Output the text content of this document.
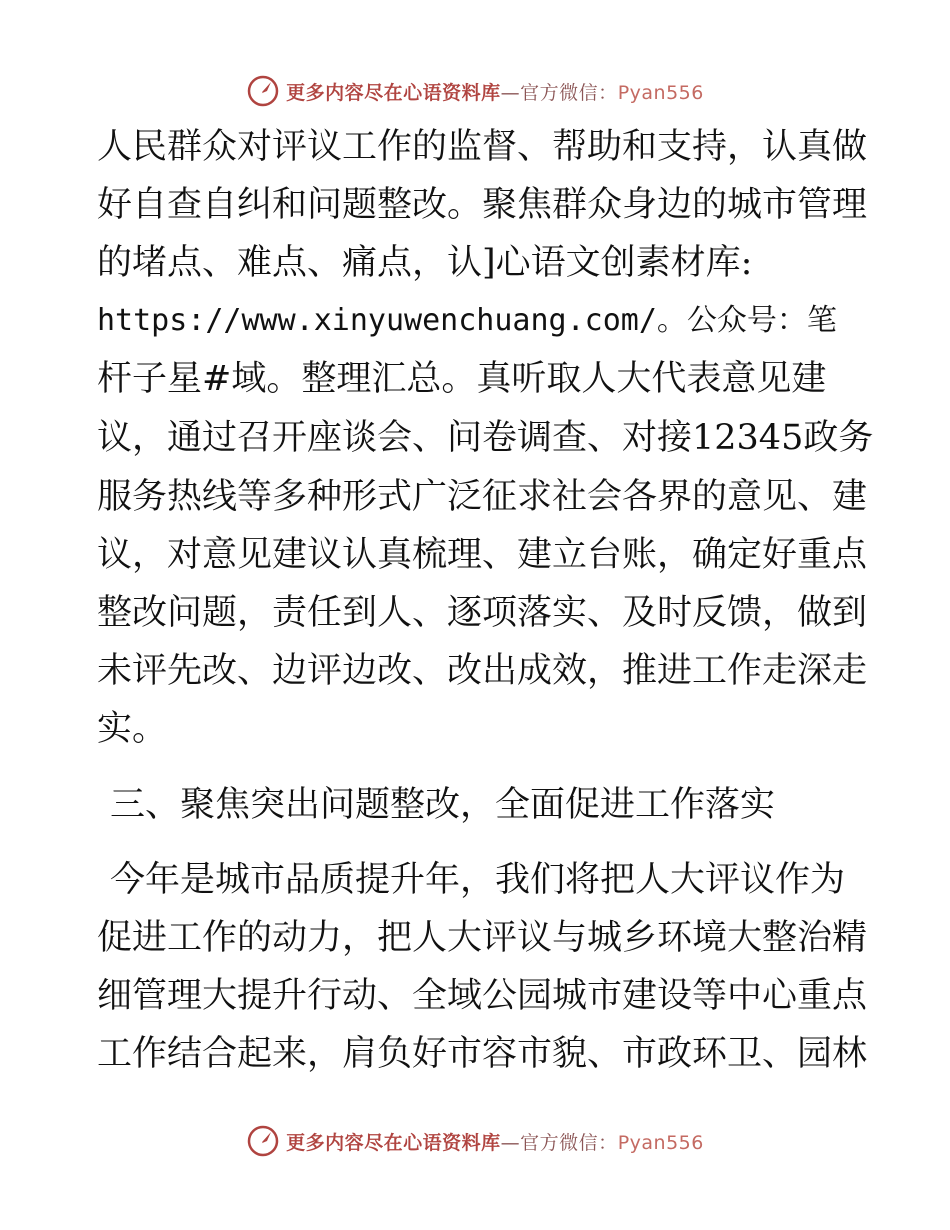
更多内容尽在心语资料库—官方微信：Pyan556
人民群众对评议工作的监督、帮助和支持，认真做
好自查自纠和问题整改。聚焦群众身边的城市管理
的堵点、难点、痛点，认]心语文创素材库:
https://www.xinyuwenchuang.com/。公众号：笔
杆子星#域。整理汇总。真听取人大代表意见建
议，通过召开座谈会、问卷调查、对接12345政务
服务热线等多种形式广泛征求社会各界的意见、建
议，对意见建议认真梳理、建立台账，确定好重点
整改问题，责任到人、逐项落实、及时反馈，做到
未评先改、边评边改、改出成效，推进工作走深走
实。
三、聚焦突出问题整改，全面促进工作落实
今年是城市品质提升年，我们将把人大评议作为
促进工作的动力，把人大评议与城乡环境大整治精
细管理大提升行动、全域公园城市建设等中心重点
工作结合起来，肩负好市容市貌、市政环卫、园林
更多内容尽在心语资料库—官方微信：Pyan556
